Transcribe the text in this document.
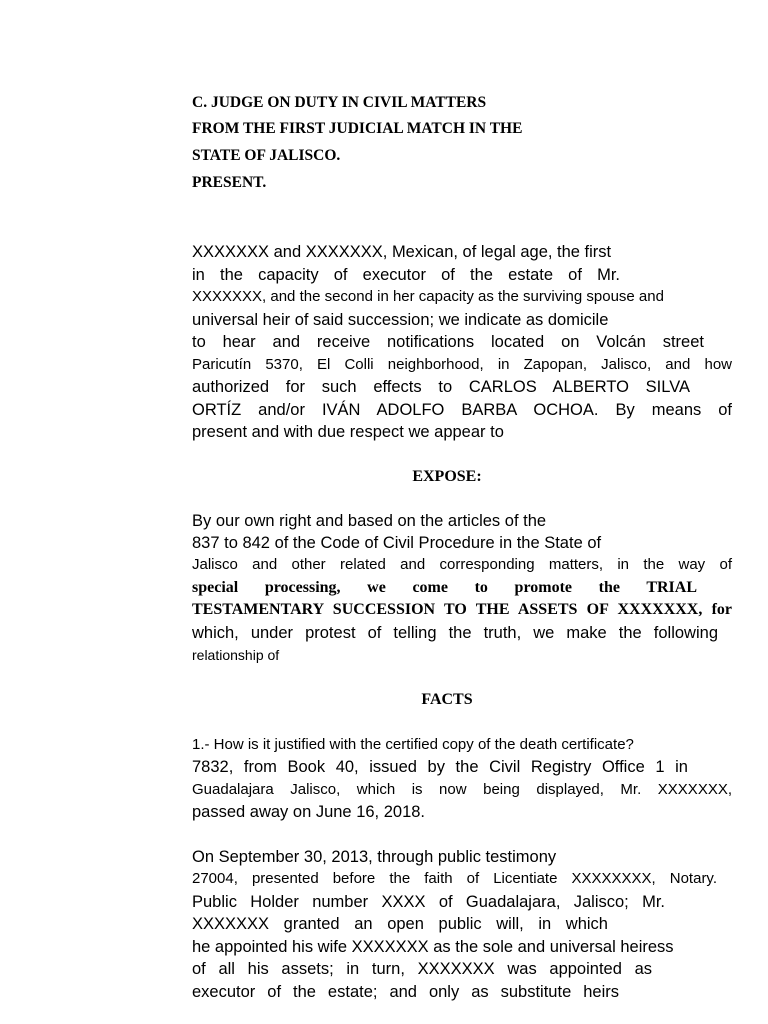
C. JUDGE ON DUTY IN CIVIL MATTERS
FROM THE FIRST JUDICIAL MATCH IN THE
STATE OF JALISCO.
PRESENT.
XXXXXXX and XXXXXXX, Mexican, of legal age, the first
in the capacity of executor of the estate of Mr.
XXXXXXX, and the second in her capacity as the surviving spouse and
universal heir of said succession; we indicate as domicile
to hear and receive notifications located on Volcán street
Paricutín 5370, El Colli neighborhood, in Zapopan, Jalisco, and how
authorized for such effects to CARLOS ALBERTO SILVA
ORTÍZ and/or IVÁN ADOLFO BARBA OCHOA. By means of
present and with due respect we appear to
EXPOSE:
By our own right and based on the articles of the
837 to 842 of the Code of Civil Procedure in the State of
Jalisco and other related and corresponding matters, in the way of
special processing, we come to promote the TRIAL
TESTAMENTARY SUCCESSION TO THE ASSETS OF XXXXXXX, for
which, under protest of telling the truth, we make the following
relationship of
FACTS
1.- How is it justified with the certified copy of the death certificate?
7832, from Book 40, issued by the Civil Registry Office 1 in
Guadalajara Jalisco, which is now being displayed, Mr. XXXXXXX,
passed away on June 16, 2018.
On September 30, 2013, through public testimony
27004, presented before the faith of Licentiate XXXXXXXX, Notary.
Public Holder number XXXX of Guadalajara, Jalisco; Mr.
XXXXXXX granted an open public will, in which
he appointed his wife XXXXXXX as the sole and universal heiress
of all his assets; in turn, XXXXXXX was appointed as
executor of the estate; and only as substitute heirs
